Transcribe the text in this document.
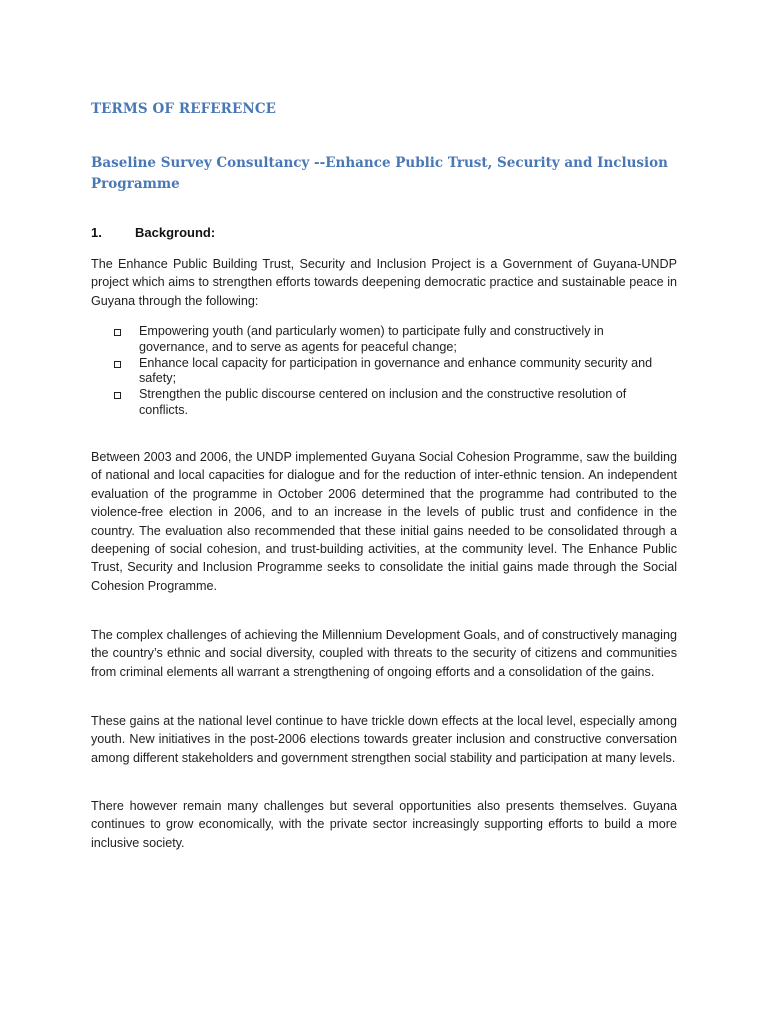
TERMS OF REFERENCE
Baseline Survey Consultancy --Enhance Public Trust, Security and Inclusion Programme
1.	Background:

The Enhance Public Building Trust, Security and Inclusion Project is a Government of Guyana-UNDP project which aims to strengthen efforts towards deepening democratic practice and sustainable peace in Guyana through the following:

Empowering youth (and particularly women) to participate fully and constructively in governance, and to serve as agents for peaceful change;
Enhance local capacity for participation in governance and enhance community security and safety;
Strengthen the public discourse centered on inclusion and the constructive resolution of conflicts.

Between 2003 and 2006, the UNDP implemented Guyana Social Cohesion Programme, saw the building of national and local capacities for dialogue and for the reduction of inter-ethnic tension. An independent evaluation of the programme in October 2006 determined that the programme had contributed to the violence-free election in 2006, and to an increase in the levels of public trust and confidence in the country. The evaluation also recommended that these initial gains needed to be consolidated through a deepening of social cohesion, and trust-building activities, at the community level. The Enhance Public Trust, Security and Inclusion Programme seeks to consolidate the initial gains made through the Social Cohesion Programme.

The complex challenges of achieving the Millennium Development Goals, and of constructively managing the country’s ethnic and social diversity, coupled with threats to the security of citizens and communities from criminal elements all warrant a strengthening of ongoing efforts and a consolidation of the gains.

These gains at the national level continue to have trickle down effects at the local level, especially among youth. New initiatives in the post-2006 elections towards greater inclusion and constructive conversation among different stakeholders and government strengthen social stability and participation at many levels.

There however remain many challenges but several opportunities also presents themselves. Guyana continues to grow economically, with the private sector increasingly supporting efforts to build a more inclusive society.
